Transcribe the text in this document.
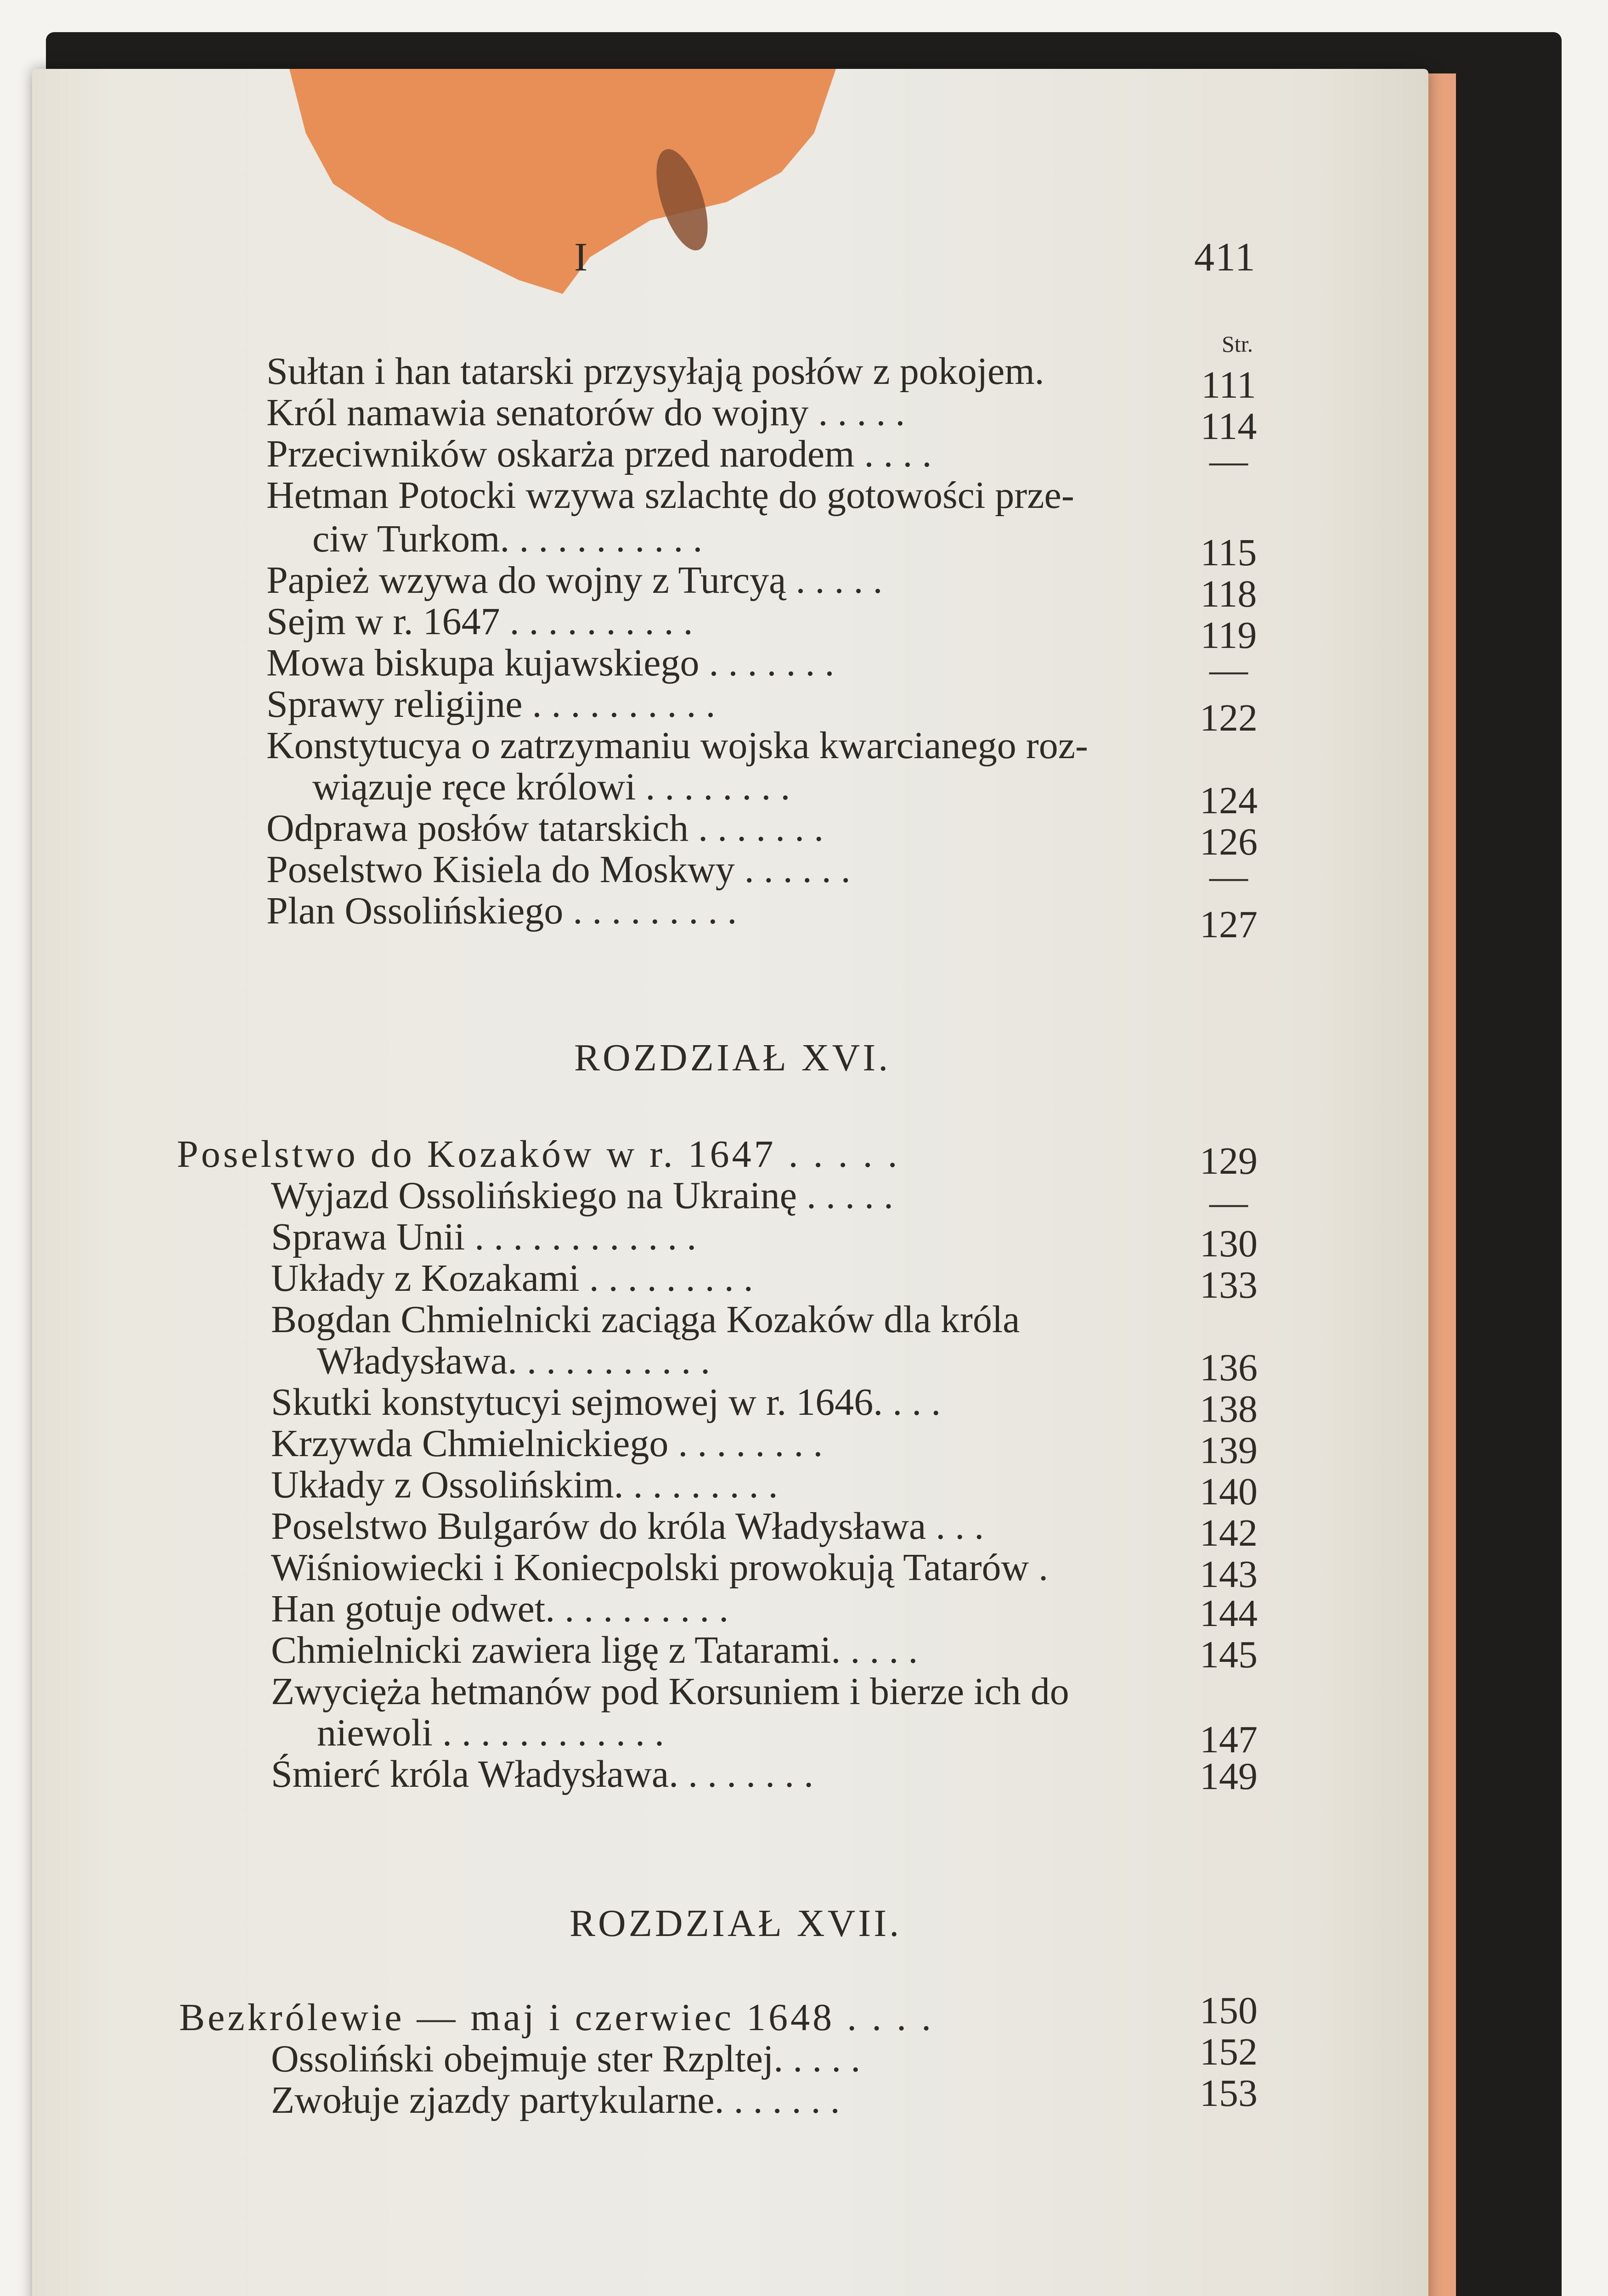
I	411
Str.
Sułtan i han tatarski przysyłają posłów z pokojem.	111
Król namawia senatorów do wojny . . . . .	114
Przeciwników oskarża przed narodem . . . .	—
Hetman Potocki wzywa szlachtę do gotowości prze-
ciw Turkom. . . . . . . . . . .	115
Papież wzywa do wojny z Turcyą . . . . .	118
Sejm w r. 1647 . . . . . . . . . .	119
Mowa biskupa kujawskiego . . . . . . .	—
Sprawy religijne . . . . . . . . . .	122
Konstytucya o zatrzymaniu wojska kwarcianego roz-
wiązuje ręce królowi . . . . . . . .	124
Odprawa posłów tatarskich . . . . . . .	126
Poselstwo Kisiela do Moskwy . . . . . .	—
Plan Ossolińskiego . . . . . . . . .	127
ROZDZIAŁ XVI.
Poselstwo do Kozaków w r. 1647 . . . . .	129
Wyjazd Ossolińskiego na Ukrainę . . . . .	—
Sprawa Unii . . . . . . . . . . . .	130
Układy z Kozakami . . . . . . . . .	133
Bogdan Chmielnicki zaciąga Kozaków dla króla
Władysława. . . . . . . . . . .	136
Skutki konstytucyi sejmowej w r. 1646. . . .	138
Krzywda Chmielnickiego . . . . . . . .	139
Układy z Ossolińskim. . . . . . . . .	140
Poselstwo Bulgarów do króla Władysława . . .	142
Wiśniowiecki i Koniecpolski prowokują Tatarów .	143
Han gotuje odwet. . . . . . . . . .	144
Chmielnicki zawiera ligę z Tatarami. . . . .	145
Zwycięża hetmanów pod Korsuniem i bierze ich do
niewoli . . . . . . . . . . . .	147
Śmierć króla Władysława. . . . . . . .	149
ROZDZIAŁ XVII.
Bezkrólewie — maj i czerwiec 1648 . . . .	150
Ossoliński obejmuje ster Rzpltej. . . . .	152
Zwołuje zjazdy partykularne. . . . . . .	153
